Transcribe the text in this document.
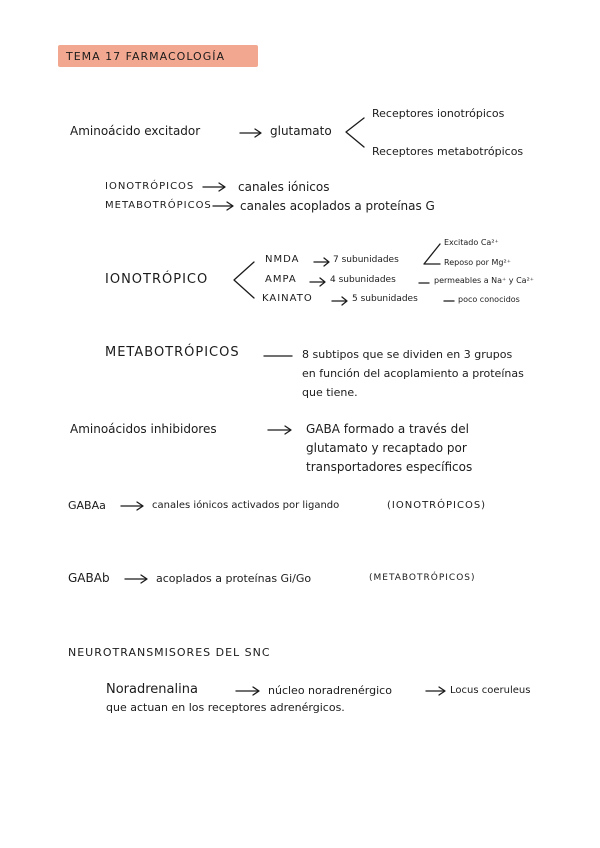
TEMA 17 FARMACOLOGÍA
Aminoácido excitador	glutamato
Receptores ionotrópicos
Receptores metabotrópicos
IONOTRÓPICOS	canales iónicos
METABOTRÓPICOS canales acoplados a proteínas G
IONOTRÓPICO
NMDA	7 subunidades
Excitado Ca²⁺
Reposo por Mg²⁺
AMPA	4 subunidades	permeables a Na⁺ y Ca²⁺
KAINATO	5 subunidades	poco conocidos
METABOTRÓPICOS	8 subtipos que se dividen en 3 grupos
en función del acoplamiento a proteínas
que tiene.
Aminoácidos inhibidores	GABA formado a través del
glutamato y recaptado por
transportadores específicos
GABAa	canales iónicos activados por ligando	(IONOTRÓPICOS)
GABAb	acoplados a proteínas Gi/Go	(METABOTRÓPICOS)
NEUROTRANSMISORES DEL SNC
Noradrenalina	núcleo noradrenérgico	Locus coeruleus
que actuan en los receptores adrenérgicos.
